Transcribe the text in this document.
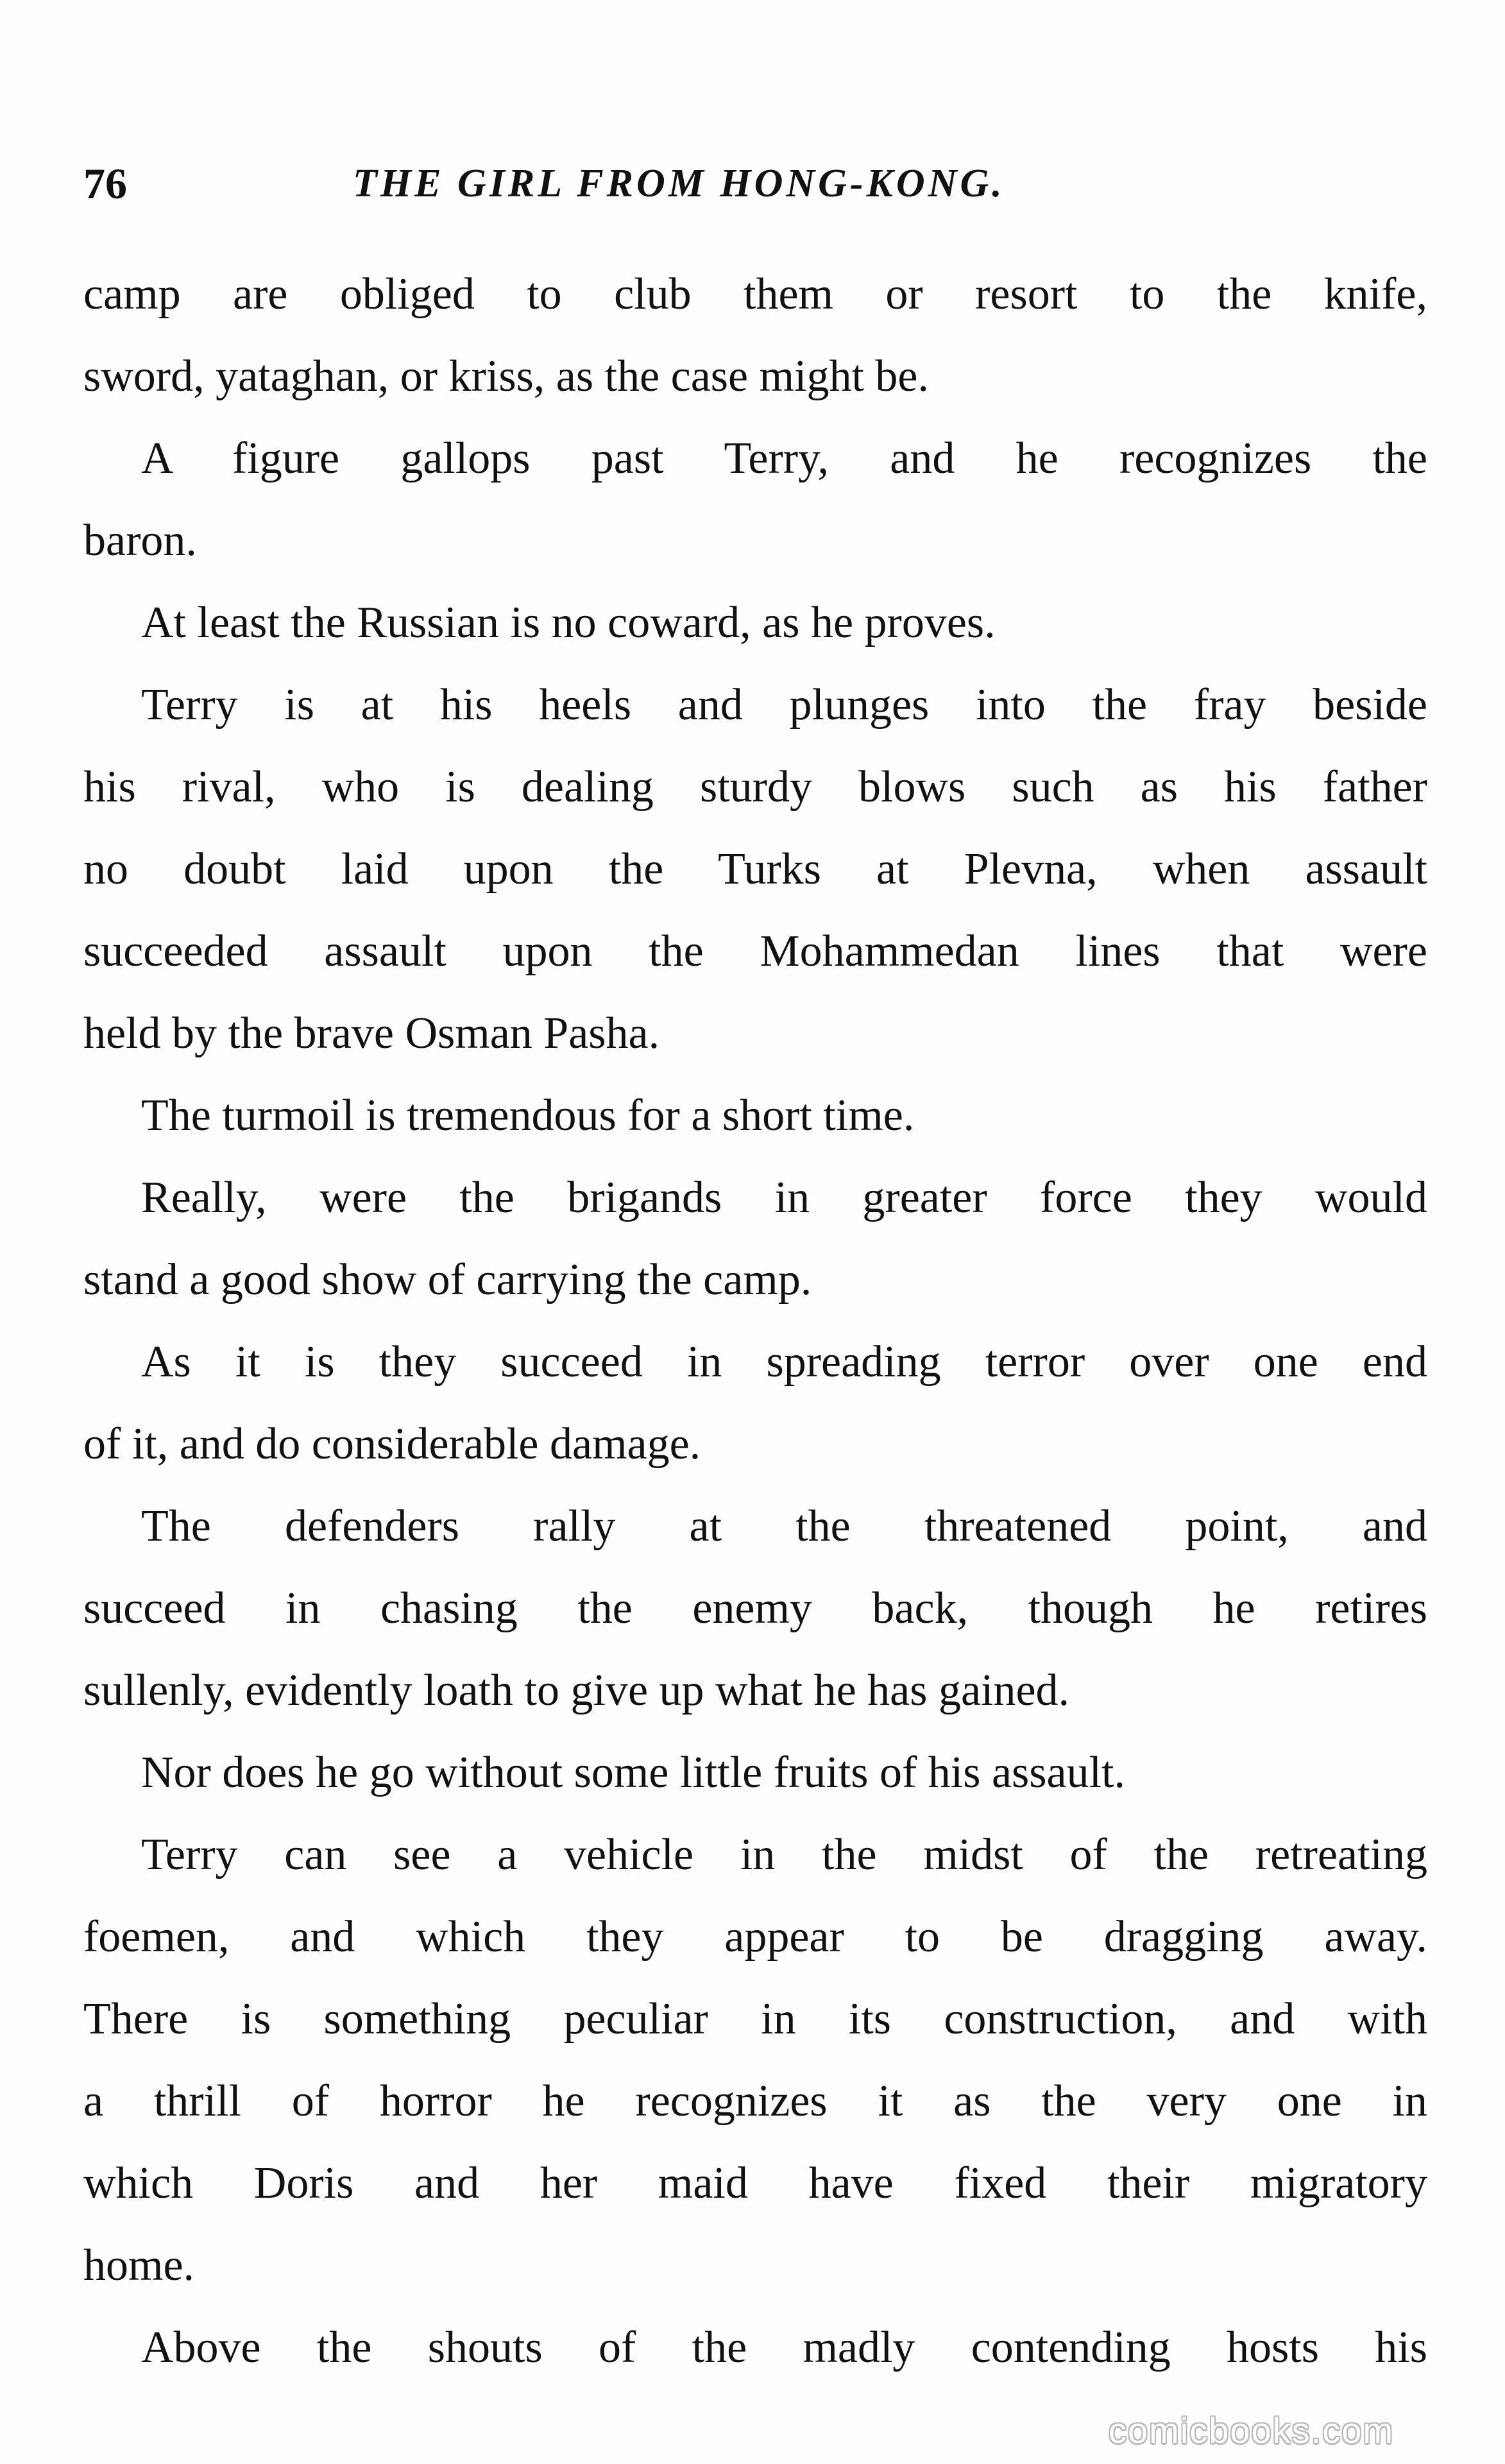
76	THE GIRL FROM HONG-KONG.
camp are obliged to club them or resort to the knife,
sword, yataghan, or kriss, as the case might be.
A figure gallops past Terry, and he recognizes the
baron.
At least the Russian is no coward, as he proves.
Terry is at his heels and plunges into the fray beside
his rival, who is dealing sturdy blows such as his father
no doubt laid upon the Turks at Plevna, when assault
succeeded assault upon the Mohammedan lines that were
held by the brave Osman Pasha.
The turmoil is tremendous for a short time.
Really, were the brigands in greater force they would
stand a good show of carrying the camp.
As it is they succeed in spreading terror over one end
of it, and do considerable damage.
The defenders rally at the threatened point, and
succeed in chasing the enemy back, though he retires
sullenly, evidently loath to give up what he has gained.
Nor does he go without some little fruits of his assault.
Terry can see a vehicle in the midst of the retreating
foemen, and which they appear to be dragging away.
There is something peculiar in its construction, and with
a thrill of horror he recognizes it as the very one in
which Doris and her maid have fixed their migratory
home.
Above the shouts of the madly contending hosts his
comicbooks.com
